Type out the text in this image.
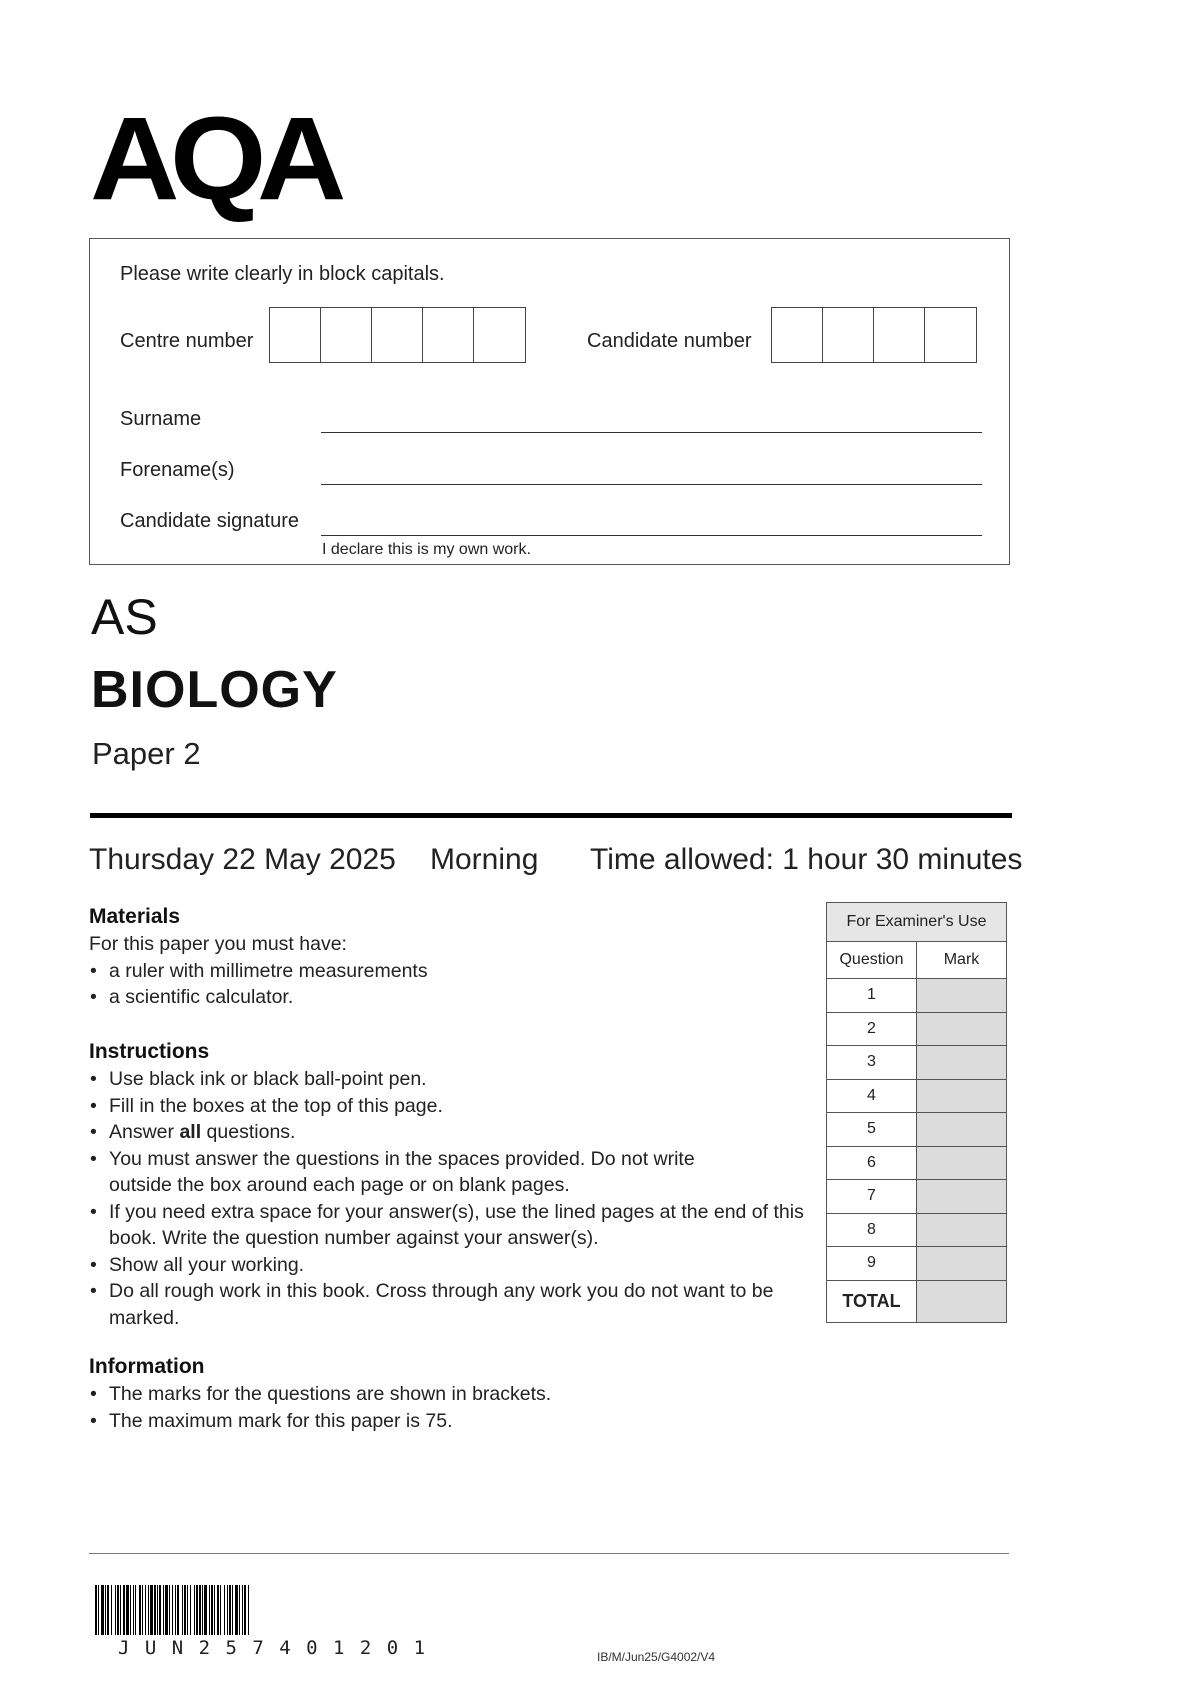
AQA
Please write clearly in block capitals.
Centre number	Candidate number
Surname
Forename(s)
Candidate signature
I declare this is my own work.
AS
BIOLOGY
Paper 2
Thursday 22 May 2025 Morning Time allowed: 1 hour 30 minutes
Materials
For this paper you must have:
• a ruler with millimetre measurements
• a scientific calculator.
Instructions
• Use black ink or black ball-point pen.
• Fill in the boxes at the top of this page.
• Answer all questions.
• You must answer the questions in the spaces provided. Do not write outside the box around each page or on blank pages.
• If you need extra space for your answer(s), use the lined pages at the end of this book. Write the question number against your answer(s).
• Show all your working.
• Do all rough work in this book. Cross through any work you do not want to be marked.
Information
• The marks for the questions are shown in brackets.
• The maximum mark for this paper is 75.
For Examiner's Use	
Question	Mark
1	
2	
3	
4	
5	
6	
7	
8	
9	
TOTAL	
J U N 2 5 7 4 0 1 2 0 1	IB/M/Jun25/G4002/V4
